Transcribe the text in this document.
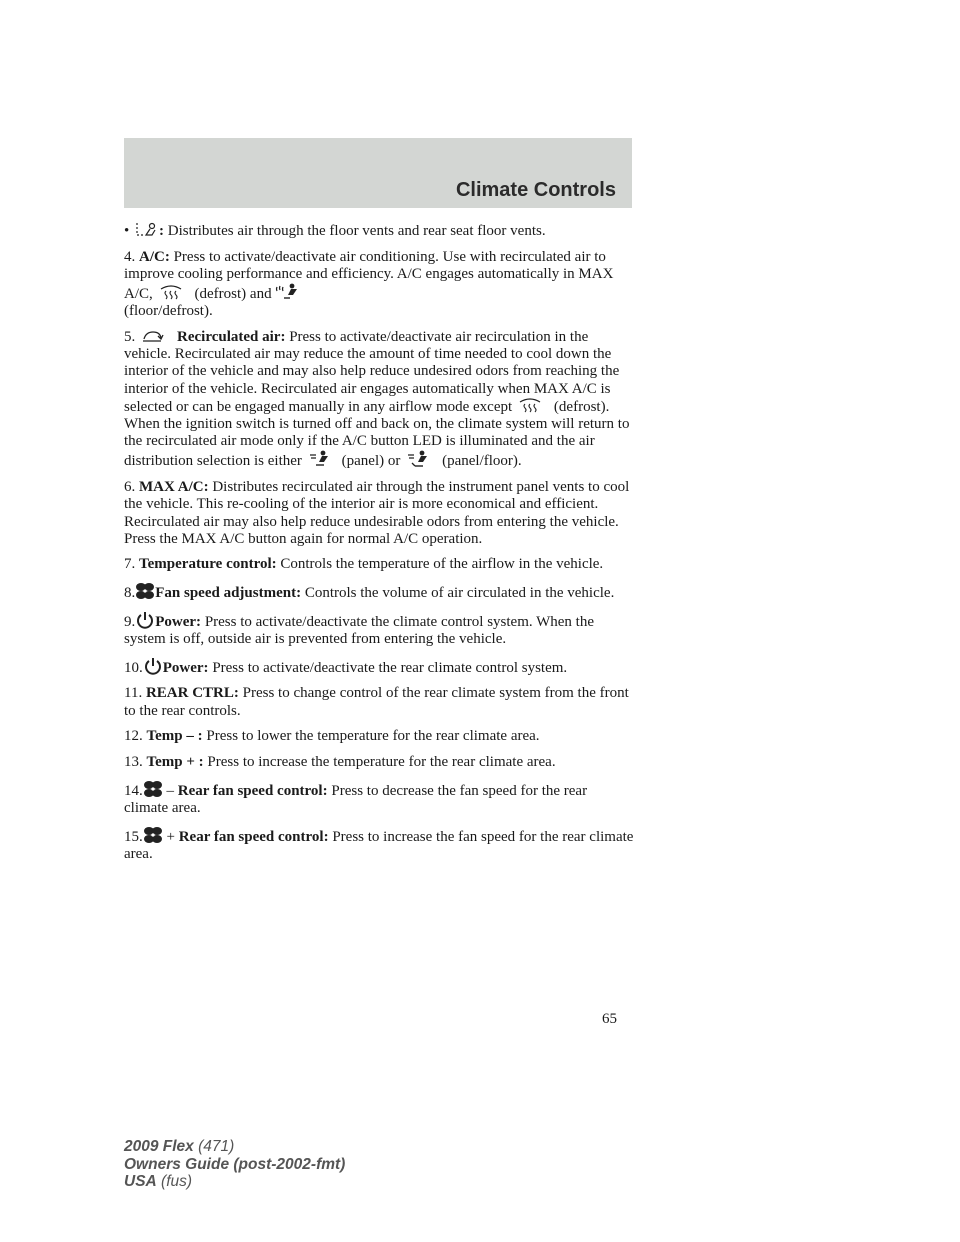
Climate Controls

• : Distributes air through the floor vents and rear seat floor vents.

4. A/C: Press to activate/deactivate air conditioning. Use with recirculated air to improve cooling performance and efficiency. A/C engages automatically in MAX A/C,	(defrost) and

(floor/defrost).

5.	Recirculated air: Press to activate/deactivate air recirculation in the vehicle. Recirculated air may reduce the amount of time needed to cool down the interior of the vehicle and may also help reduce undesired odors from reaching the interior of the vehicle. Recirculated air engages automatically when MAX A/C is selected or can be engaged manually in any airflow mode except	(defrost). When the ignition switch is turned off and back on, the climate system will return to the recirculated air mode only if the A/C button LED is illuminated and the air distribution selection is either	(panel) or	(panel/floor).

6. MAX A/C: Distributes recirculated air through the instrument panel vents to cool the vehicle. This re-cooling of the interior air is more economical and efficient. Recirculated air may also help reduce undesirable odors from entering the vehicle. Press the MAX A/C button again for normal A/C operation.

7. Temperature control: Controls the temperature of the airflow in the vehicle.

8. Fan speed adjustment: Controls the volume of air circulated in the vehicle.

9. Power: Press to activate/deactivate the climate control system. When the system is off, outside air is prevented from entering the vehicle.

10. Power: Press to activate/deactivate the rear climate control system.

11. REAR CTRL: Press to change control of the rear climate system from the front to the rear controls.

12. Temp – : Press to lower the temperature for the rear climate area.

13. Temp + : Press to increase the temperature for the rear climate area.

14. – Rear fan speed control: Press to decrease the fan speed for the rear climate area.

15. + Rear fan speed control: Press to increase the fan speed for the rear climate area.

65
2009 Flex (471)
Owners Guide (post-2002-fmt)
USA (fus)
